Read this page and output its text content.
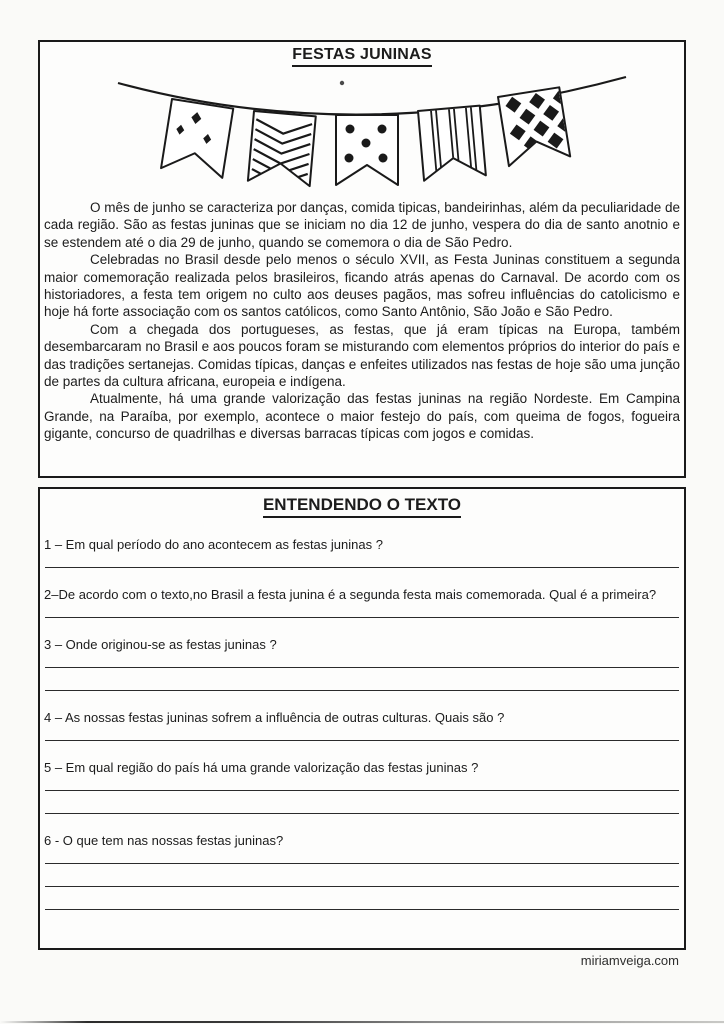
FESTAS JUNINAS

O mês de junho se caracteriza por danças, comida tipicas, bandeirinhas, além da peculiaridade de cada região. São as festas juninas que se iniciam no dia 12 de junho, vespera do dia de santo anotnio e se estendem até o dia 29 de junho, quando se comemora o dia de São Pedro.

Celebradas no Brasil desde pelo menos o século XVII, as Festa Juninas constituem a segunda maior comemoração realizada pelos brasileiros, ficando atrás apenas do Carnaval. De acordo com os historiadores, a festa tem origem no culto aos deuses pagãos, mas sofreu influências do catolicismo e hoje há forte associação com os santos católicos, como Santo Antônio, São João e São Pedro.

Com a chegada dos portugueses, as festas, que já eram típicas na Europa, também desembarcaram no Brasil e aos poucos foram se misturando com elementos próprios do interior do país e das tradições sertanejas. Comidas típicas, danças e enfeites utilizados nas festas de hoje são uma junção de partes da cultura africana, europeia e indígena.

Atualmente, há uma grande valorização das festas juninas na região Nordeste. Em Campina Grande, na Paraíba, por exemplo, acontece o maior festejo do país, com queima de fogos, fogueira gigante, concurso de quadrilhas e diversas barracas típicas com jogos e comidas.

ENTENDENDO O TEXTO

1 – Em qual período do ano acontecem as festas juninas ?

2–De acordo com o texto,no Brasil a festa junina é a segunda festa mais comemorada. Qual é a primeira?

3 – Onde originou-se as festas juninas ?

4 – As nossas festas juninas sofrem a influência de outras culturas. Quais são ?

5 – Em qual região do país há uma grande valorização das festas juninas ?

6 - O que tem nas nossas festas juninas?

miriamveiga.com
